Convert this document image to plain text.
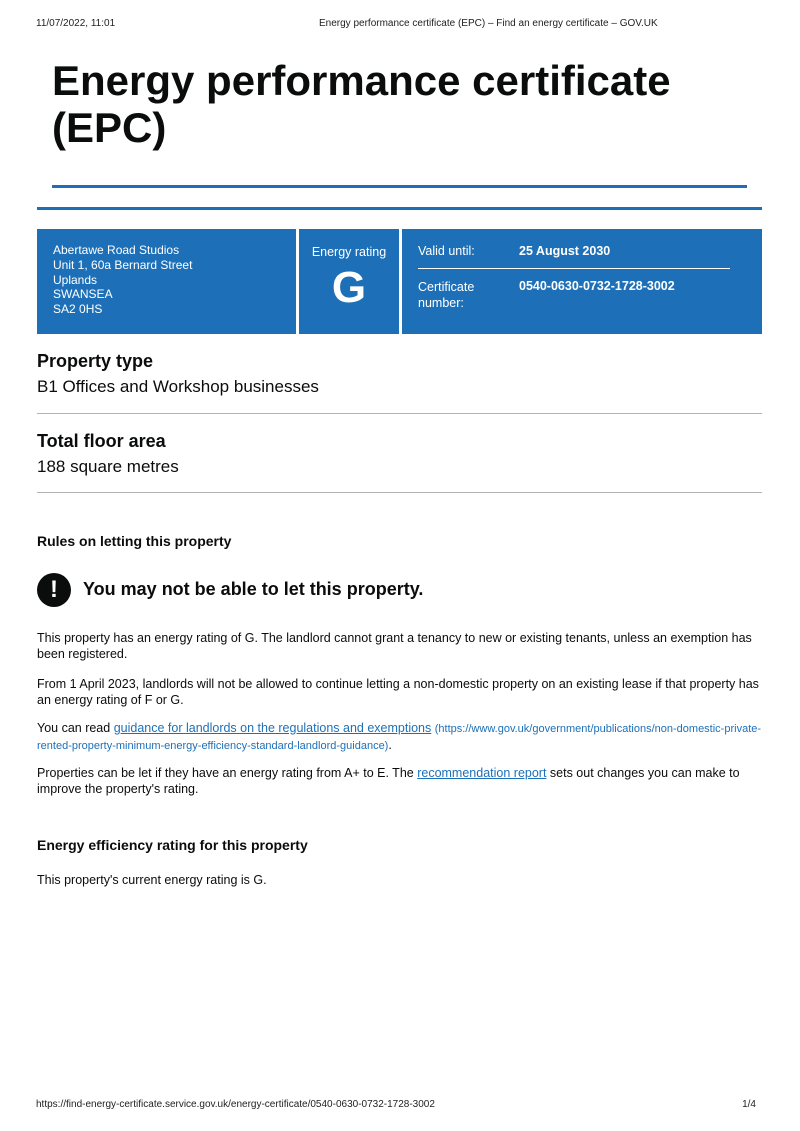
11/07/2022, 11:01	Energy performance certificate (EPC) – Find an energy certificate – GOV.UK
Energy performance certificate (EPC)
Abertawe Road Studios
Unit 1, 60a Bernard Street
Uplands
SWANSEA
SA2 0HS
Energy rating
G
Valid until:	25 August 2030
Certificate number:
0540-0630-0732-1728-3002
Property type
B1 Offices and Workshop businesses
Total floor area
188 square metres
Rules on letting this property
!	You may not be able to let this property.

This property has an energy rating of G. The landlord cannot grant a tenancy to new or existing tenants, unless an exemption has been registered.

From 1 April 2023, landlords will not be allowed to continue letting a non-domestic property on an existing lease if that property has an energy rating of F or G.

You can read guidance for landlords on the regulations and exemptions (https://www.gov.uk/government/publications/non-domestic-private-rented-property-minimum-energy-efficiency-standard-landlord-guidance).

Properties can be let if they have an energy rating from A+ to E. The recommendation report sets out changes you can make to improve the property's rating.

Energy efficiency rating for this property

This property's current energy rating is G.

https://find-energy-certificate.service.gov.uk/energy-certificate/0540-0630-0732-1728-3002	1/4
